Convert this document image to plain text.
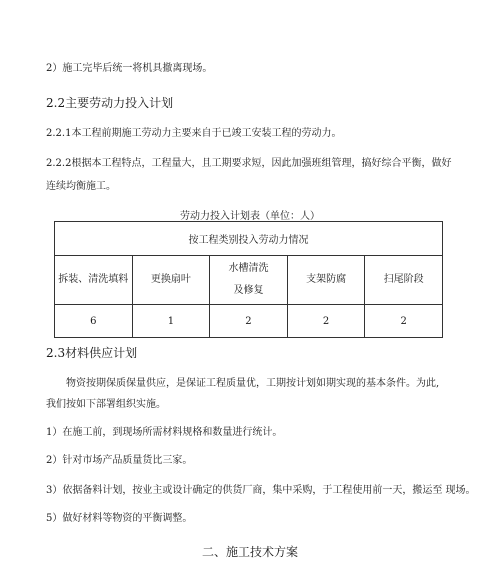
2）施工完毕后统一将机具撤离现场。
2.2主要劳动力投入计划
2.2.1本工程前期施工劳动力主要来自于已竣工安装工程的劳动力。
2.2.2根据本工程特点，工程量大，且工期要求短，因此加强班组管理，搞好综合平衡，做好
连续均衡施工。
劳动力投入计划表（单位：人）
按工程类别投入劳动力情况				
拆装、清洗填料	更换扇叶	水槽清洗及修复	支架防腐	扫尾阶段
6	1	2	2	2
2.3材料供应计划
物资按期保质保量供应，是保证工程质量优，工期按计划如期实现的基本条件。为此,
我们按如下部署组织实施。
1）在施工前，到现场所需材料规格和数量进行统计。
2）针对市场产品质量货比三家。
3）依据备料计划，按业主或设计确定的供货厂商，集中采购，于工程使用前一天，搬运至 现场。
5）做好材料等物资的平衡调整。
二、施工技术方案
